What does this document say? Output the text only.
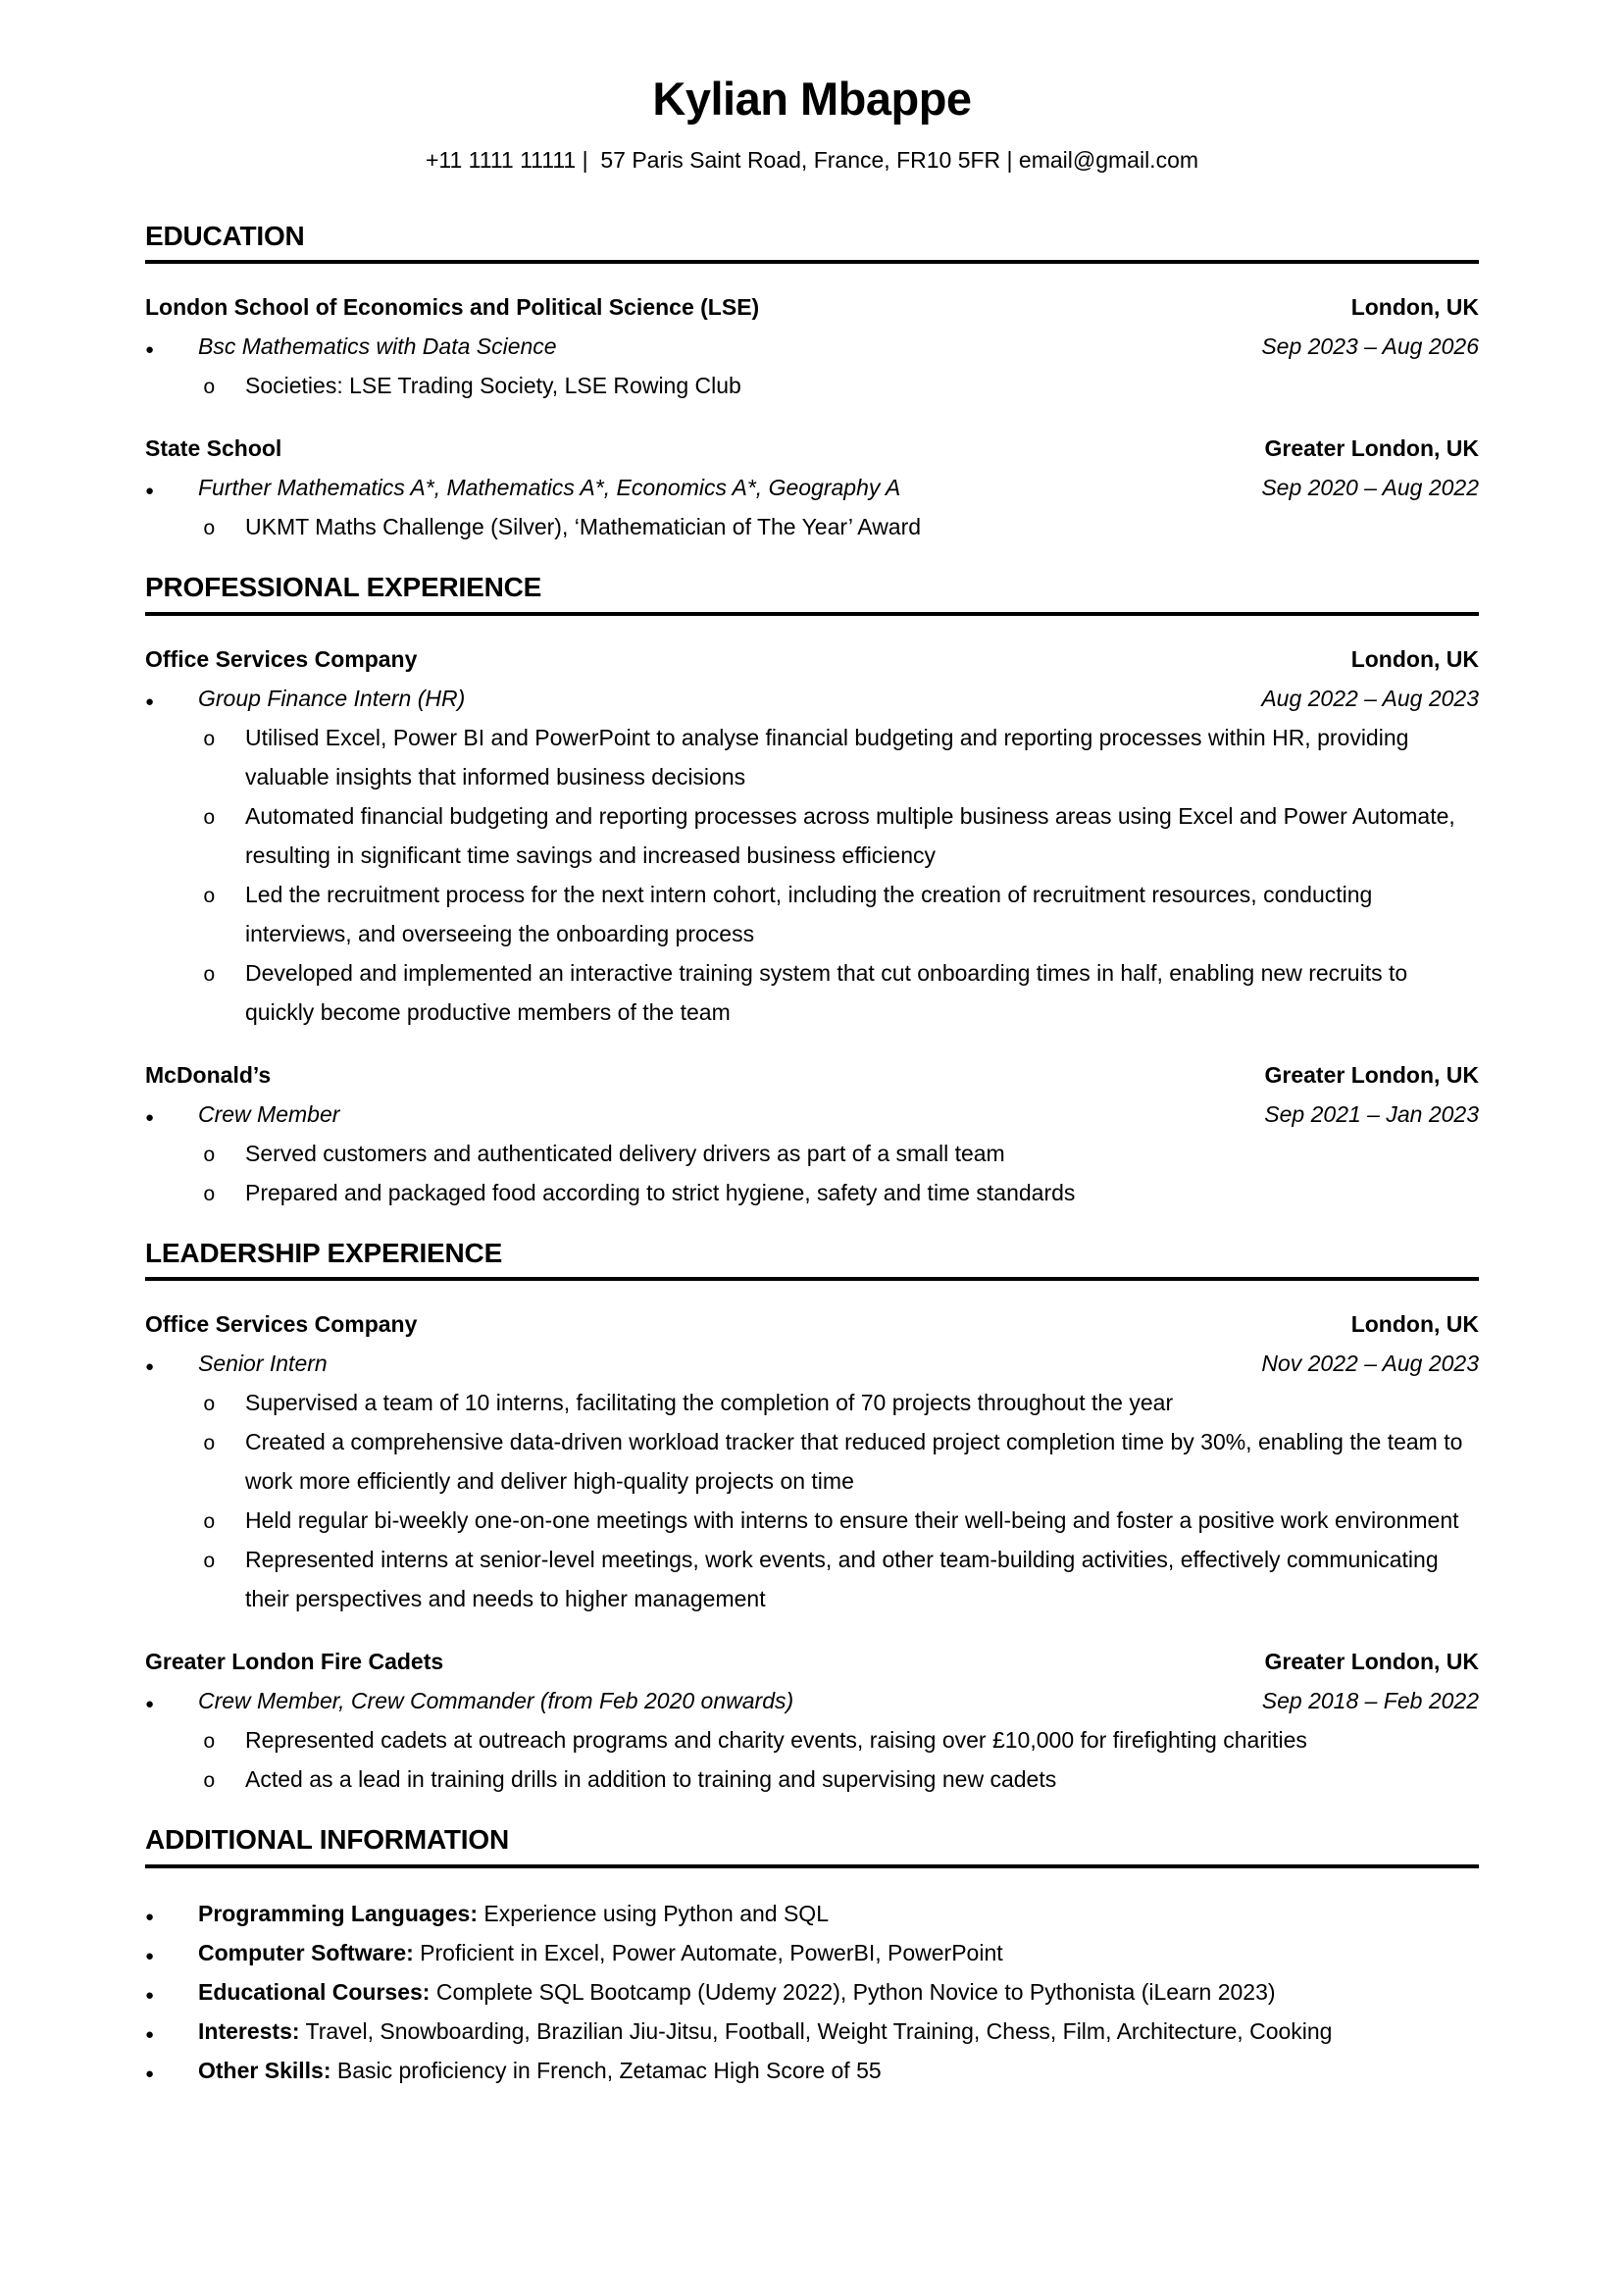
Kylian Mbappe
+11 1111 11111 |  57 Paris Saint Road, France, FR10 5FR | email@gmail.com
EDUCATION
London School of Economics and Political Science (LSE)	London, UK
●
Bsc Mathematics with Data Science	Sep 2023 – Aug 2026
o
Societies: LSE Trading Society, LSE Rowing Club
State School	Greater London, UK
●
Further Mathematics A*, Mathematics A*, Economics A*, Geography A	Sep 2020 – Aug 2022
o
UKMT Maths Challenge (Silver), ‘Mathematician of The Year’ Award
PROFESSIONAL EXPERIENCE
Office Services Company	London, UK
●
Group Finance Intern (HR)	Aug 2022 – Aug 2023
o
Utilised Excel, Power BI and PowerPoint to analyse financial budgeting and reporting processes within HR, providing valuable insights that informed business decisions
o
Automated financial budgeting and reporting processes across multiple business areas using Excel and Power Automate, resulting in significant time savings and increased business efficiency
o
Led the recruitment process for the next intern cohort, including the creation of recruitment resources, conducting interviews, and overseeing the onboarding process
o
Developed and implemented an interactive training system that cut onboarding times in half, enabling new recruits to quickly become productive members of the team
McDonald’s	Greater London, UK
●
Crew Member	Sep 2021 – Jan 2023
o
Served customers and authenticated delivery drivers as part of a small team
o
Prepared and packaged food according to strict hygiene, safety and time standards
LEADERSHIP EXPERIENCE
Office Services Company	London, UK
●
Senior Intern	Nov 2022 – Aug 2023
o
Supervised a team of 10 interns, facilitating the completion of 70 projects throughout the year
o
Created a comprehensive data-driven workload tracker that reduced project completion time by 30%, enabling the team to work more efficiently and deliver high-quality projects on time
o
Held regular bi-weekly one-on-one meetings with interns to ensure their well-being and foster a positive work environment
o
Represented interns at senior-level meetings, work events, and other team-building activities, effectively communicating their perspectives and needs to higher management
Greater London Fire Cadets	Greater London, UK
●
Crew Member, Crew Commander (from Feb 2020 onwards)	Sep 2018 – Feb 2022
o
Represented cadets at outreach programs and charity events, raising over £10,000 for firefighting charities
o
Acted as a lead in training drills in addition to training and supervising new cadets
ADDITIONAL INFORMATION
●
Programming Languages: Experience using Python and SQL
●
Computer Software: Proficient in Excel, Power Automate, PowerBI, PowerPoint
●
Educational Courses: Complete SQL Bootcamp (Udemy 2022), Python Novice to Pythonista (iLearn 2023)
●
Interests: Travel, Snowboarding, Brazilian Jiu-Jitsu, Football, Weight Training, Chess, Film, Architecture, Cooking
●
Other Skills: Basic proficiency in French, Zetamac High Score of 55
